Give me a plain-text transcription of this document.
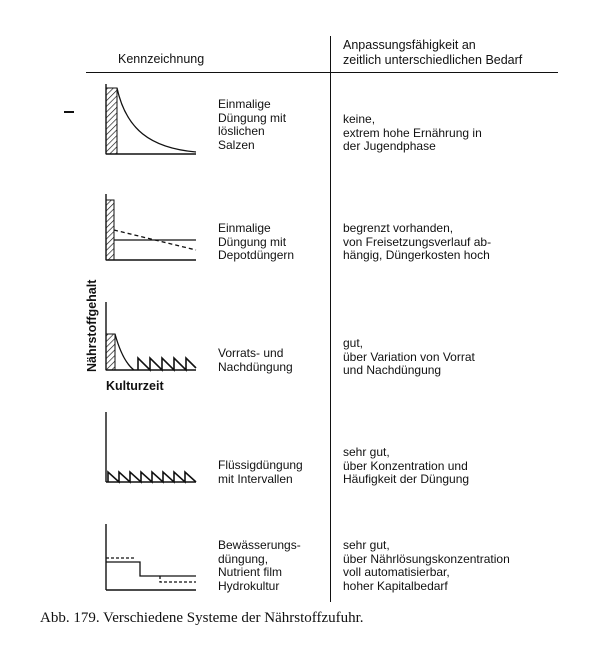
Kennzeichnung
Anpassungsfähigkeit an
zeitlich unterschiedlichen Bedarf
Einmalige
Düngung mit
löslichen
Salzen
keine,
extrem hohe Ernährung in
der Jugendphase
Einmalige
Düngung mit
Depotdüngern
begrenzt vorhanden,
von Freisetzungsverlauf ab-
hängig, Düngerkosten hoch
Nährstoffgehalt
Kulturzeit
Vorrats- und
Nachdüngung
gut,
über Variation von Vorrat
und Nachdüngung
Flüssigdüngung
mit Intervallen
sehr gut,
über Konzentration und
Häufigkeit der Düngung
Bewässerungs-
düngung,
Nutrient film
Hydrokultur
sehr gut,
über Nährlösungskonzentration
voll automatisierbar,
hoher Kapitalbedarf
Abb. 179. Verschiedene Systeme der Nährstoffzufuhr.
